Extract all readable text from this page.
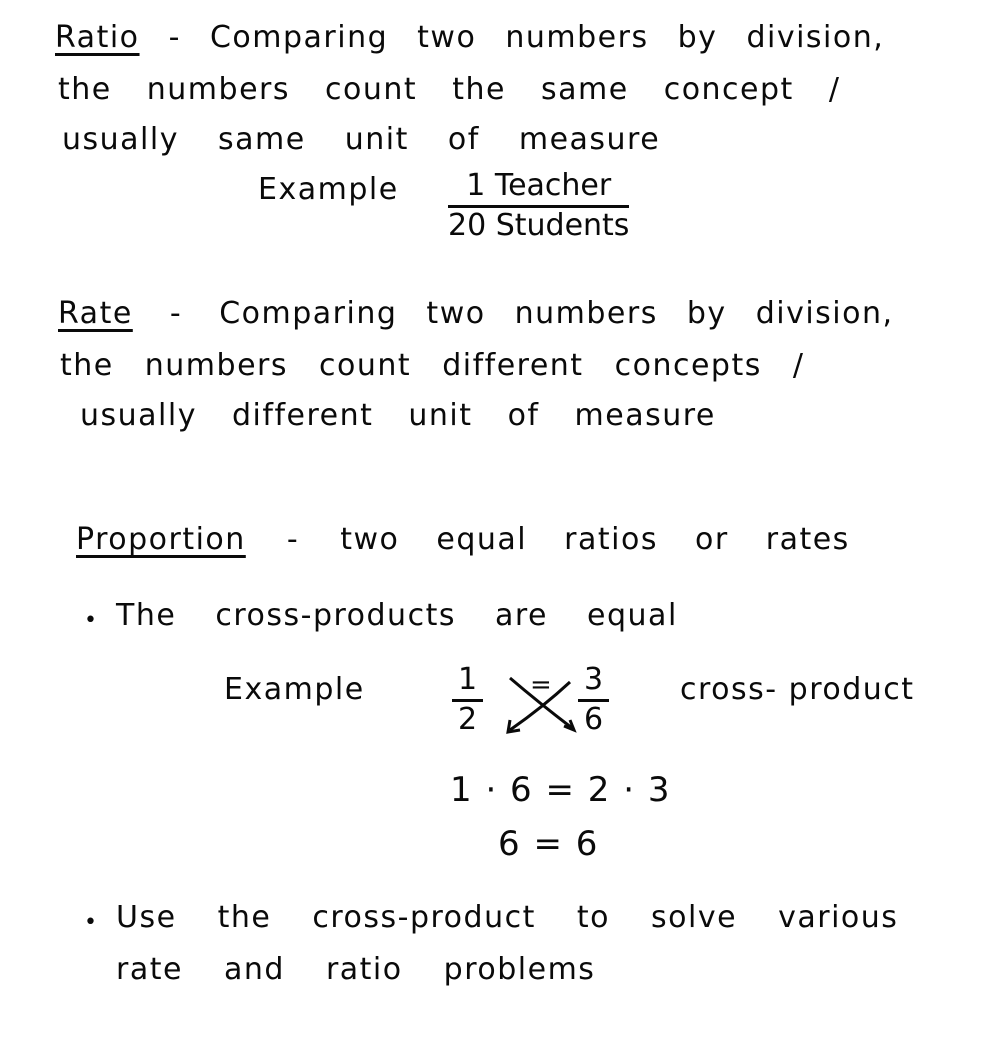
Ratio - Comparing two numbers by division,
the numbers count the same concept /
usually same unit of measure
Example	1 Teacher
20 Students
Rate - Comparing two numbers by division,
the numbers count different concepts /
usually different unit of measure
Proportion - two equal ratios or rates
• The cross-products are equal
Example	$\frac{1}{2} = \frac{3}{6}$ cross- product
1 · 6 = 2 · 3
6 = 6
• Use the cross-product to solve various
rate and ratio problems
